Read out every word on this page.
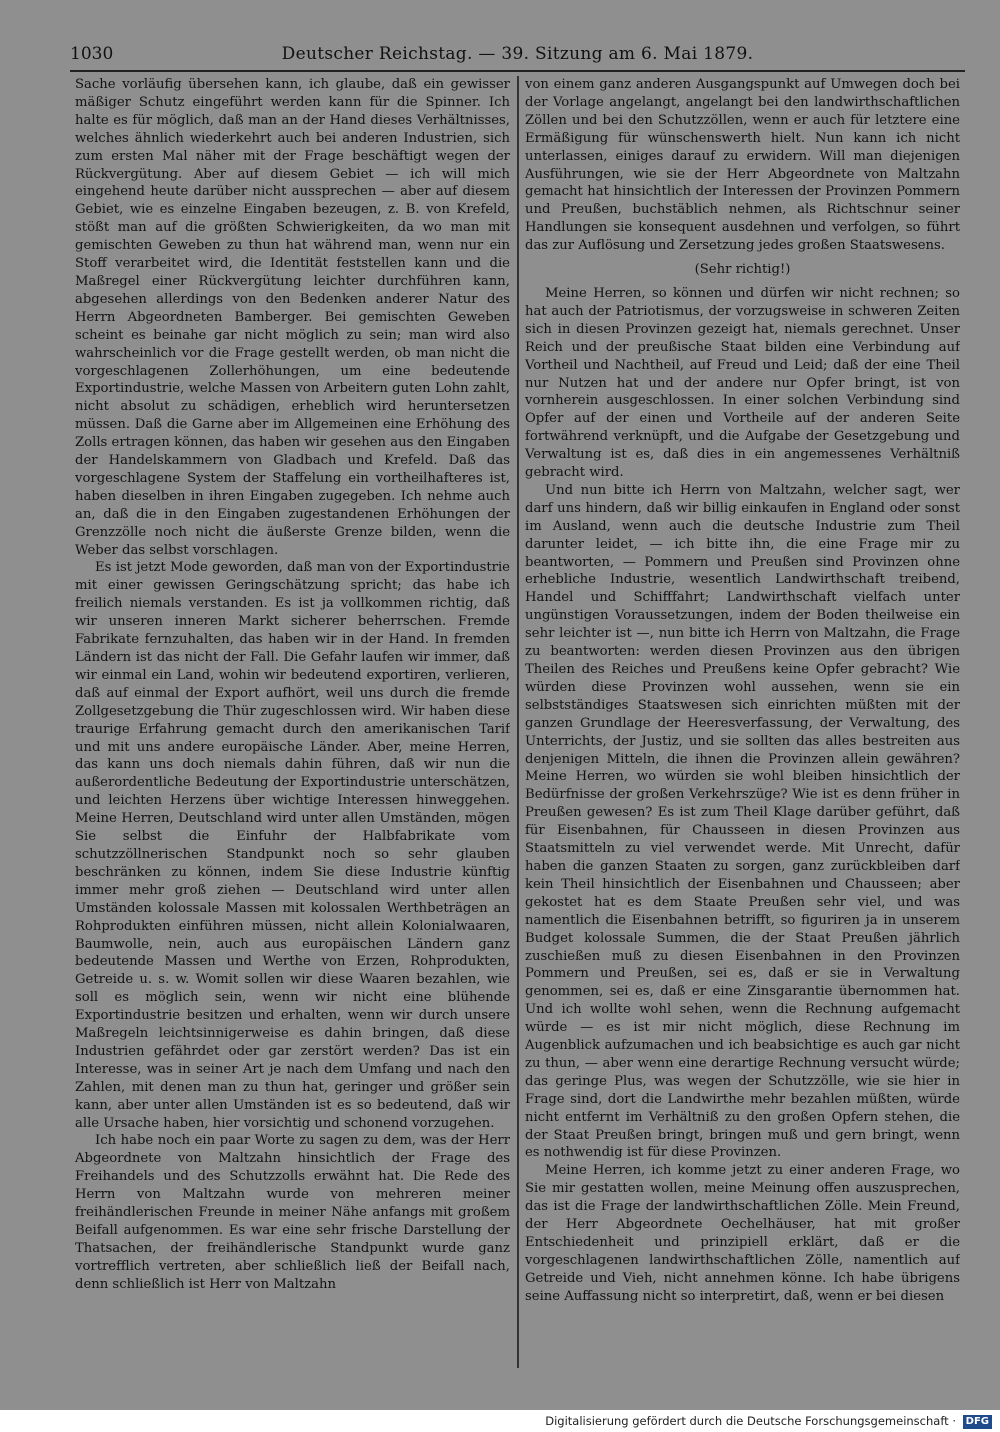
1030	Deutscher Reichstag. — 39. Sitzung am 6. Mai 1879.

Sache vorläufig übersehen kann, ich glaube, daß ein gewisser mäßiger Schutz eingeführt werden kann für die Spinner. Ich halte es für möglich, daß man an der Hand dieses Verhältnisses, welches ähnlich wiederkehrt auch bei anderen Industrien, sich zum ersten Mal näher mit der Frage beschäftigt wegen der Rückvergütung. Aber auf diesem Gebiet — ich will mich eingehend heute darüber nicht aussprechen — aber auf diesem Gebiet, wie es einzelne Eingaben bezeugen, z. B. von Krefeld, stößt man auf die größten Schwierigkeiten, da wo man mit gemischten Geweben zu thun hat während man, wenn nur ein Stoff verarbeitet wird, die Identität feststellen kann und die Maßregel einer Rückvergütung leichter durchführen kann, abgesehen allerdings von den Bedenken anderer Natur des Herrn Abgeordneten Bamberger. Bei gemischten Geweben scheint es beinahe gar nicht möglich zu sein; man wird also wahrscheinlich vor die Frage gestellt werden, ob man nicht die vorgeschlagenen Zollerhöhungen, um eine bedeutende Exportindustrie, welche Massen von Arbeitern guten Lohn zahlt, nicht absolut zu schädigen, erheblich wird heruntersetzen müssen. Daß die Garne aber im Allgemeinen eine Erhöhung des Zolls ertragen können, das haben wir gesehen aus den Eingaben der Handelskammern von Gladbach und Krefeld. Daß das vorgeschlagene System der Staffelung ein vortheilhafteres ist, haben dieselben in ihren Eingaben zugegeben. Ich nehme auch an, daß die in den Eingaben zugestandenen Erhöhungen der Grenzzölle noch nicht die äußerste Grenze bilden, wenn die Weber das selbst vorschlagen.

Es ist jetzt Mode geworden, daß man von der Exportindustrie mit einer gewissen Geringschätzung spricht; das habe ich freilich niemals verstanden. Es ist ja vollkommen richtig, daß wir unseren inneren Markt sicherer beherrschen. Fremde Fabrikate fernzuhalten, das haben wir in der Hand. In fremden Ländern ist das nicht der Fall. Die Gefahr laufen wir immer, daß wir einmal ein Land, wohin wir bedeutend exportiren, verlieren, daß auf einmal der Export aufhört, weil uns durch die fremde Zollgesetzgebung die Thür zugeschlossen wird. Wir haben diese traurige Erfahrung gemacht durch den amerikanischen Tarif und mit uns andere europäische Länder. Aber, meine Herren, das kann uns doch niemals dahin führen, daß wir nun die außerordentliche Bedeutung der Exportindustrie unterschätzen, und leichten Herzens über wichtige Interessen hinweggehen. Meine Herren, Deutschland wird unter allen Umständen, mögen Sie selbst die Einfuhr der Halbfabrikate vom schutzzöllnerischen Standpunkt noch so sehr glauben beschränken zu können, indem Sie diese Industrie künftig immer mehr groß ziehen — Deutschland wird unter allen Umständen kolossale Massen mit kolossalen Werthbeträgen an Rohprodukten einführen müssen, nicht allein Kolonialwaaren, Baumwolle, nein, auch aus europäischen Ländern ganz bedeutende Massen und Werthe von Erzen, Rohprodukten, Getreide u. s. w. Womit sollen wir diese Waaren bezahlen, wie soll es möglich sein, wenn wir nicht eine blühende Exportindustrie besitzen und erhalten, wenn wir durch unsere Maßregeln leichtsinnigerweise es dahin bringen, daß diese Industrien gefährdet oder gar zerstört werden? Das ist ein Interesse, was in seiner Art je nach dem Umfang und nach den Zahlen, mit denen man zu thun hat, geringer und größer sein kann, aber unter allen Umständen ist es so bedeutend, daß wir alle Ursache haben, hier vorsichtig und schonend vorzugehen.

Ich habe noch ein paar Worte zu sagen zu dem, was der Herr Abgeordnete von Maltzahn hinsichtlich der Frage des Freihandels und des Schutzzolls erwähnt hat. Die Rede des Herrn von Maltzahn wurde von mehreren meiner freihändlerischen Freunde in meiner Nähe anfangs mit großem Beifall aufgenommen. Es war eine sehr frische Darstellung der Thatsachen, der freihändlerische Standpunkt wurde ganz vortrefflich vertreten, aber schließlich ließ der Beifall nach, denn schließlich ist Herr von Maltzahn

von einem ganz anderen Ausgangspunkt auf Umwegen doch bei der Vorlage angelangt, angelangt bei den landwirthschaftlichen Zöllen und bei den Schutzzöllen, wenn er auch für letztere eine Ermäßigung für wünschenswerth hielt. Nun kann ich nicht unterlassen, einiges darauf zu erwidern. Will man diejenigen Ausführungen, wie sie der Herr Abgeordnete von Maltzahn gemacht hat hinsichtlich der Interessen der Provinzen Pommern und Preußen, buchstäblich nehmen, als Richtschnur seiner Handlungen sie konsequent ausdehnen und verfolgen, so führt das zur Auflösung und Zersetzung jedes großen Staatswesens.

(Sehr richtig!)

Meine Herren, so können und dürfen wir nicht rechnen; so hat auch der Patriotismus, der vorzugsweise in schweren Zeiten sich in diesen Provinzen gezeigt hat, niemals gerechnet. Unser Reich und der preußische Staat bilden eine Verbindung auf Vortheil und Nachtheil, auf Freud und Leid; daß der eine Theil nur Nutzen hat und der andere nur Opfer bringt, ist von vornherein ausgeschlossen. In einer solchen Verbindung sind Opfer auf der einen und Vortheile auf der anderen Seite fortwährend verknüpft, und die Aufgabe der Gesetzgebung und Verwaltung ist es, daß dies in ein angemessenes Verhältniß gebracht wird.

Und nun bitte ich Herrn von Maltzahn, welcher sagt, wer darf uns hindern, daß wir billig einkaufen in England oder sonst im Ausland, wenn auch die deutsche Industrie zum Theil darunter leidet, — ich bitte ihn, die eine Frage mir zu beantworten, — Pommern und Preußen sind Provinzen ohne erhebliche Industrie, wesentlich Landwirthschaft treibend, Handel und Schifffahrt; Landwirthschaft vielfach unter ungünstigen Voraussetzungen, indem der Boden theilweise ein sehr leichter ist —, nun bitte ich Herrn von Maltzahn, die Frage zu beantworten: werden diesen Provinzen aus den übrigen Theilen des Reiches und Preußens keine Opfer gebracht? Wie würden diese Provinzen wohl aussehen, wenn sie ein selbstständiges Staatswesen sich einrichten müßten mit der ganzen Grundlage der Heeresverfassung, der Verwaltung, des Unterrichts, der Justiz, und sie sollten das alles bestreiten aus denjenigen Mitteln, die ihnen die Provinzen allein gewähren? Meine Herren, wo würden sie wohl bleiben hinsichtlich der Bedürfnisse der großen Verkehrszüge? Wie ist es denn früher in Preußen gewesen? Es ist zum Theil Klage darüber geführt, daß für Eisenbahnen, für Chausseen in diesen Provinzen aus Staatsmitteln zu viel verwendet werde. Mit Unrecht, dafür haben die ganzen Staaten zu sorgen, ganz zurückbleiben darf kein Theil hinsichtlich der Eisenbahnen und Chausseen; aber gekostet hat es dem Staate Preußen sehr viel, und was namentlich die Eisenbahnen betrifft, so figuriren ja in unserem Budget kolossale Summen, die der Staat Preußen jährlich zuschießen muß zu diesen Eisenbahnen in den Provinzen Pommern und Preußen, sei es, daß er sie in Verwaltung genommen, sei es, daß er eine Zinsgarantie übernommen hat. Und ich wollte wohl sehen, wenn die Rechnung aufgemacht würde — es ist mir nicht möglich, diese Rechnung im Augenblick aufzumachen und ich beabsichtige es auch gar nicht zu thun, — aber wenn eine derartige Rechnung versucht würde; das geringe Plus, was wegen der Schutzzölle, wie sie hier in Frage sind, dort die Landwirthe mehr bezahlen müßten, würde nicht entfernt im Verhältniß zu den großen Opfern stehen, die der Staat Preußen bringt, bringen muß und gern bringt, wenn es nothwendig ist für diese Provinzen.

Meine Herren, ich komme jetzt zu einer anderen Frage, wo Sie mir gestatten wollen, meine Meinung offen auszusprechen, das ist die Frage der landwirthschaftlichen Zölle. Mein Freund, der Herr Abgeordnete Oechelhäuser, hat mit großer Entschiedenheit und prinzipiell erklärt, daß er die vorgeschlagenen landwirthschaftlichen Zölle, namentlich auf Getreide und Vieh, nicht annehmen könne. Ich habe übrigens seine Auffassung nicht so interpretirt, daß, wenn er bei diesen

Digitalisierung gefördert durch die Deutsche Forschungsgemeinschaft · DFG
